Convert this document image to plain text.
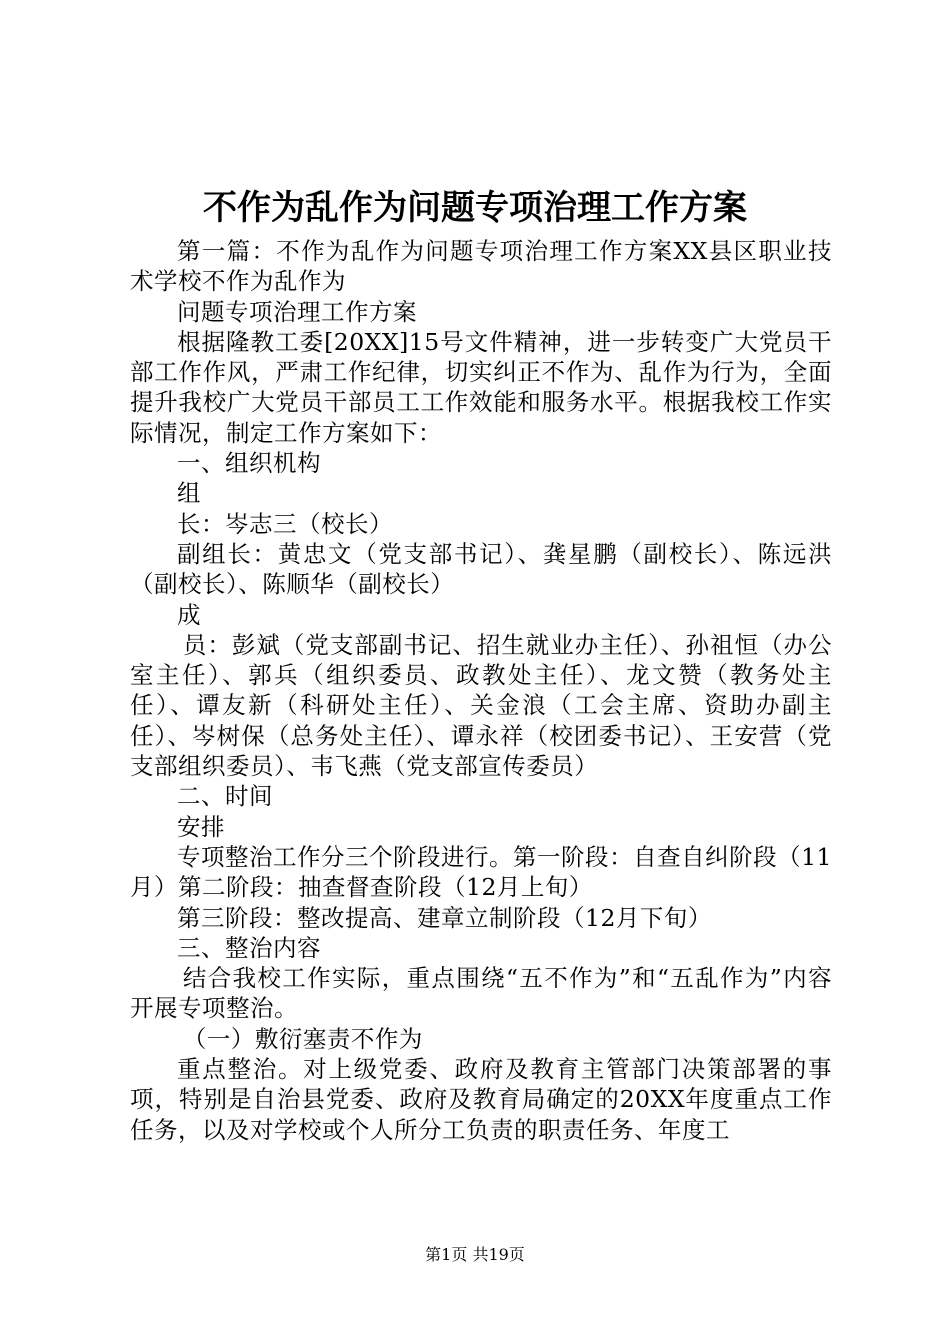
不作为乱作为问题专项治理工作方案

第一篇：不作为乱作为问题专项治理工作方案XX县区职业技术学校不作为乱作为

问题专项治理工作方案

根据隆教工委[20XX]15号文件精神，进一步转变广大党员干部工作作风，严肃工作纪律，切实纠正不作为、乱作为行为，全面提升我校广大党员干部员工工作效能和服务水平。根据我校工作实际情况，制定工作方案如下：

一、组织机构

组

长：岑志三（校长）

副组长：黄忠文（党支部书记）、龚星鹏（副校长）、陈远洪（副校长）、陈顺华（副校长）

成

员：彭斌（党支部副书记、招生就业办主任）、孙祖恒（办公室主任）、郭兵（组织委员、政教处主任）、龙文赞（教务处主任）、谭友新（科研处主任）、关金浪（工会主席、资助办副主任）、岑树保（总务处主任）、谭永祥（校团委书记）、王安营（党支部组织委员）、韦飞燕（党支部宣传委员）

二、时间

安排

专项整治工作分三个阶段进行。第一阶段：自查自纠阶段（11月）第二阶段：抽查督查阶段（12月上旬）

第三阶段：整改提高、建章立制阶段（12月下旬）

三、整治内容

结合我校工作实际，重点围绕“五不作为”和“五乱作为”内容开展专项整治。

（一）敷衍塞责不作为

重点整治。对上级党委、政府及教育主管部门决策部署的事项，特别是自治县党委、政府及教育局确定的20XX年度重点工作任务，以及对学校或个人所分工负责的职责任务、年度工

第1页 共19页
